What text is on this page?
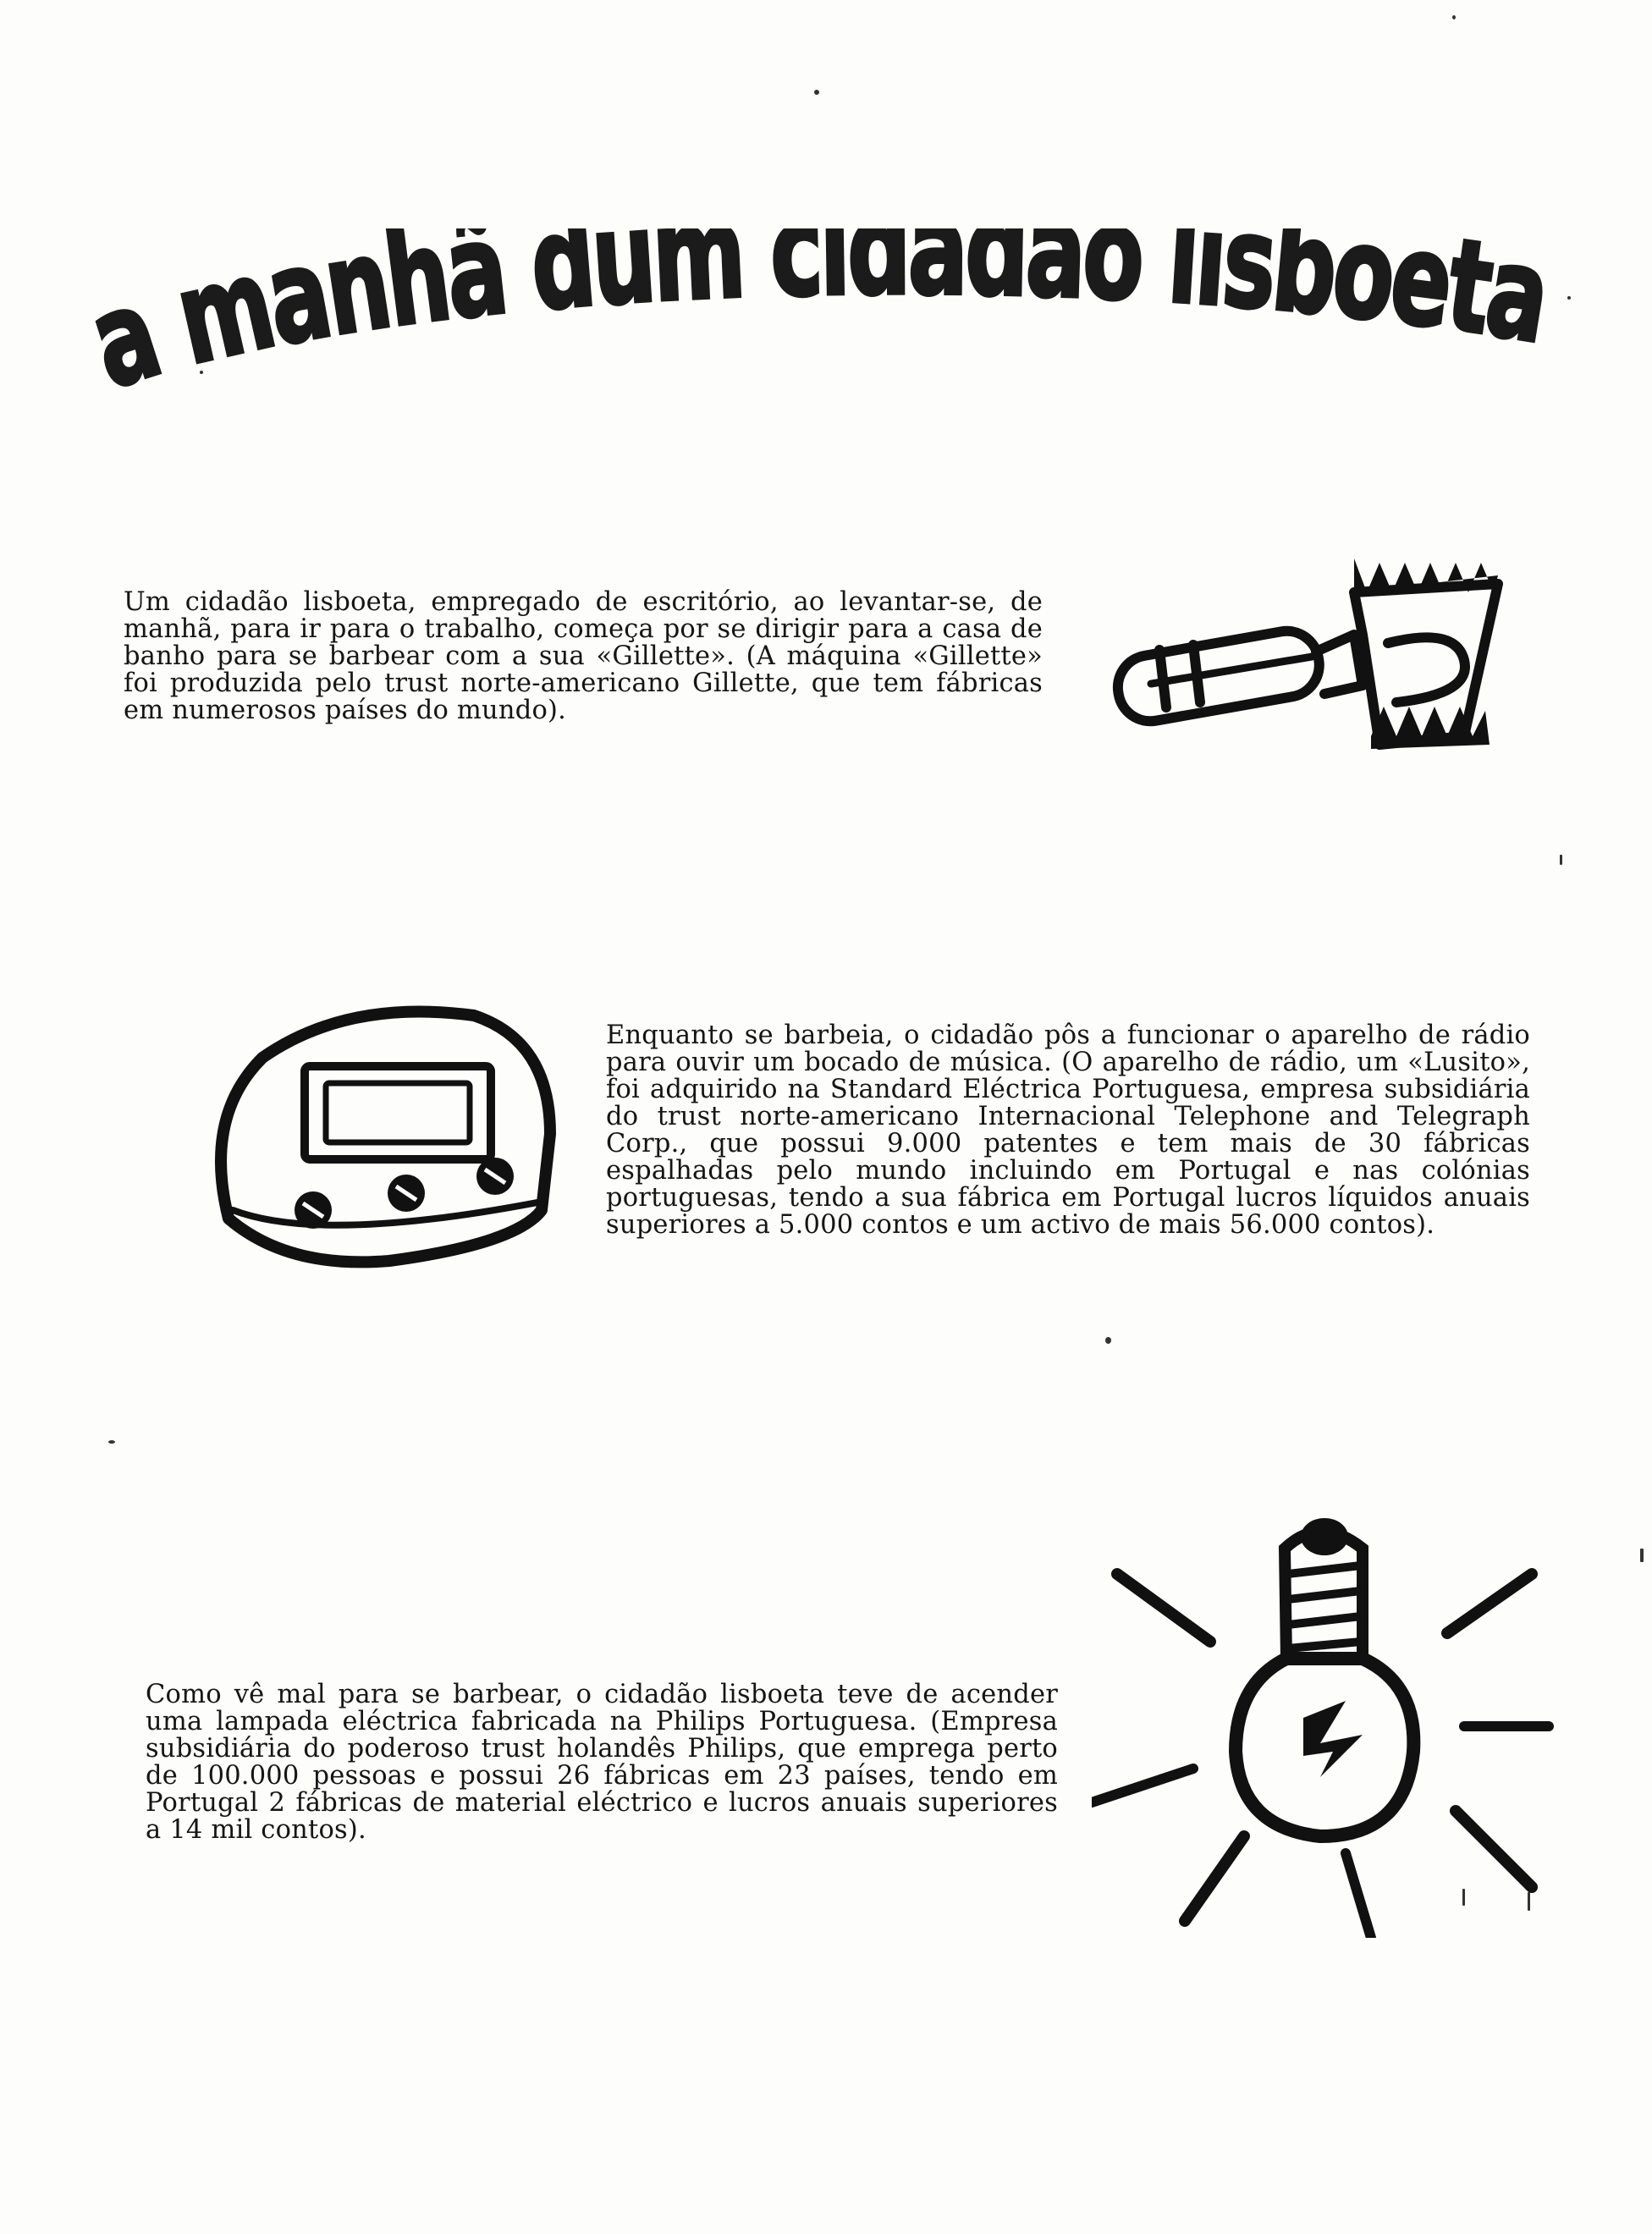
manhã dum cidadão lisboeta

Um cidadão lisboeta, empregado de escritório, ao levantar-se, de manhã, para ir para o trabalho, começa por se dirigir para a casa de banho para se barbear com a sua «Gillette». (A máquina «Gillette» foi produzida pelo trust norte-americano Gillette, que tem fábricas em numerosos países do mundo).

Enquanto se barbeia, o cidadão pôs a funcionar o aparelho de rádio para ouvir um bocado de música. (O aparelho de rádio, um «Lusito», foi adquirido na Standard Eléctrica Portuguesa, empresa subsidiária do trust norte-americano Internacional Telephone and Telegraph Corp., que possui 9.000 patentes e tem mais de 30 fábricas espalhadas pelo mundo incluindo em Portugal e nas colónias portuguesas, tendo a sua fábrica em Portugal lucros líquidos anuais superiores a 5.000 contos e um activo de mais 56.000 contos).

Como vê mal para se barbear, o cidadão lisboeta teve de acender uma lampada eléctrica fabricada na Philips Portuguesa. (Empresa subsidiária do poderoso trust holandês Philips, que emprega perto de 100.000 pessoas e possui 26 fábricas em 23 países, tendo em Portugal 2 fábricas de material eléctrico e lucros anuais superiores a 14 mil contos).
